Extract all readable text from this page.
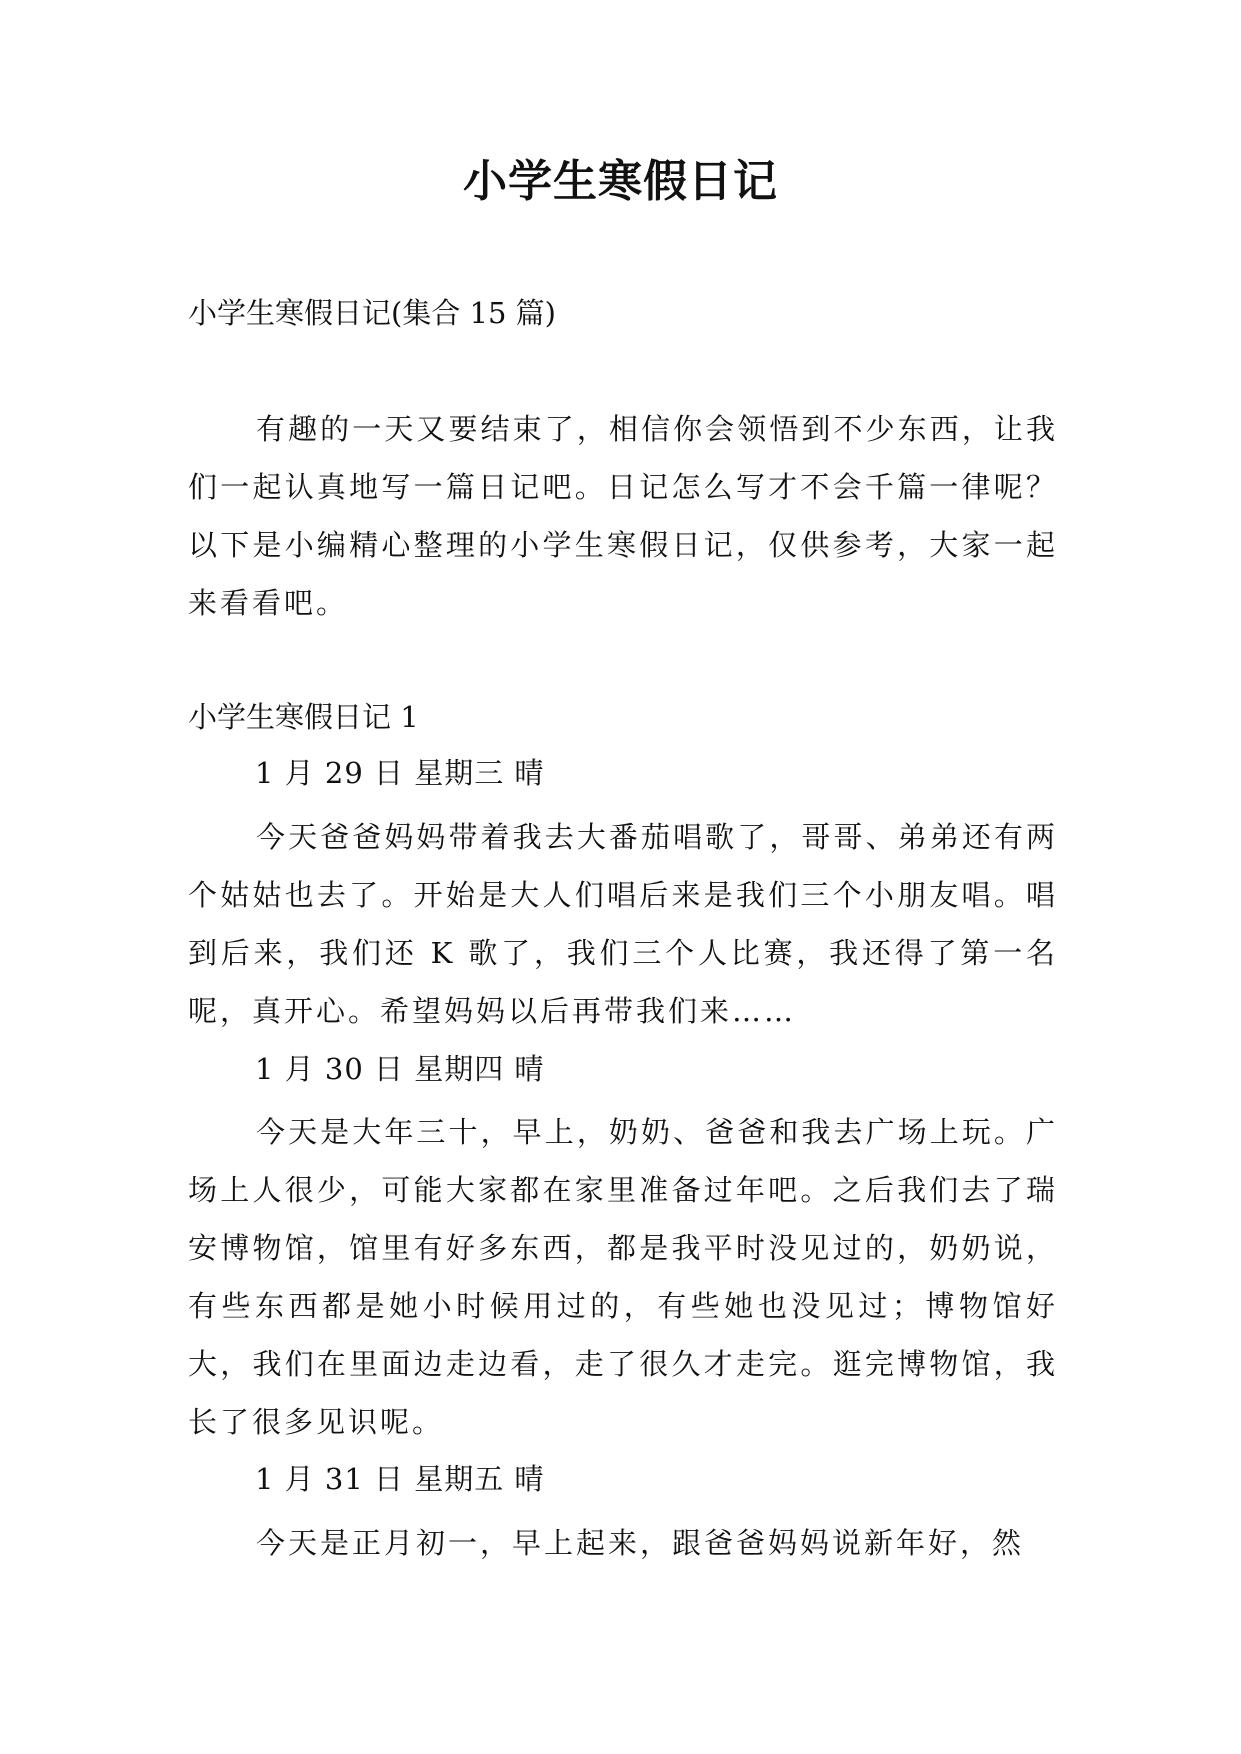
小学生寒假日记
小学生寒假日记(集合 15 篇)
有趣的一天又要结束了，相信你会领悟到不少东西，让我们一起认真地写一篇日记吧。日记怎么写才不会千篇一律呢？以下是小编精心整理的小学生寒假日记，仅供参考，大家一起来看看吧。
小学生寒假日记 1
1 月 29 日 星期三 晴
今天爸爸妈妈带着我去大番茄唱歌了，哥哥、弟弟还有两个姑姑也去了。开始是大人们唱后来是我们三个小朋友唱。唱到后来，我们还 K 歌了，我们三个人比赛，我还得了第一名呢，真开心。希望妈妈以后再带我们来……
1 月 30 日 星期四 晴
今天是大年三十，早上，奶奶、爸爸和我去广场上玩。广场上人很少，可能大家都在家里准备过年吧。之后我们去了瑞安博物馆，馆里有好多东西，都是我平时没见过的，奶奶说，有些东西都是她小时候用过的，有些她也没见过；博物馆好大，我们在里面边走边看，走了很久才走完。逛完博物馆，我长了很多见识呢。
1 月 31 日 星期五 晴
今天是正月初一，早上起来，跟爸爸妈妈说新年好，然
